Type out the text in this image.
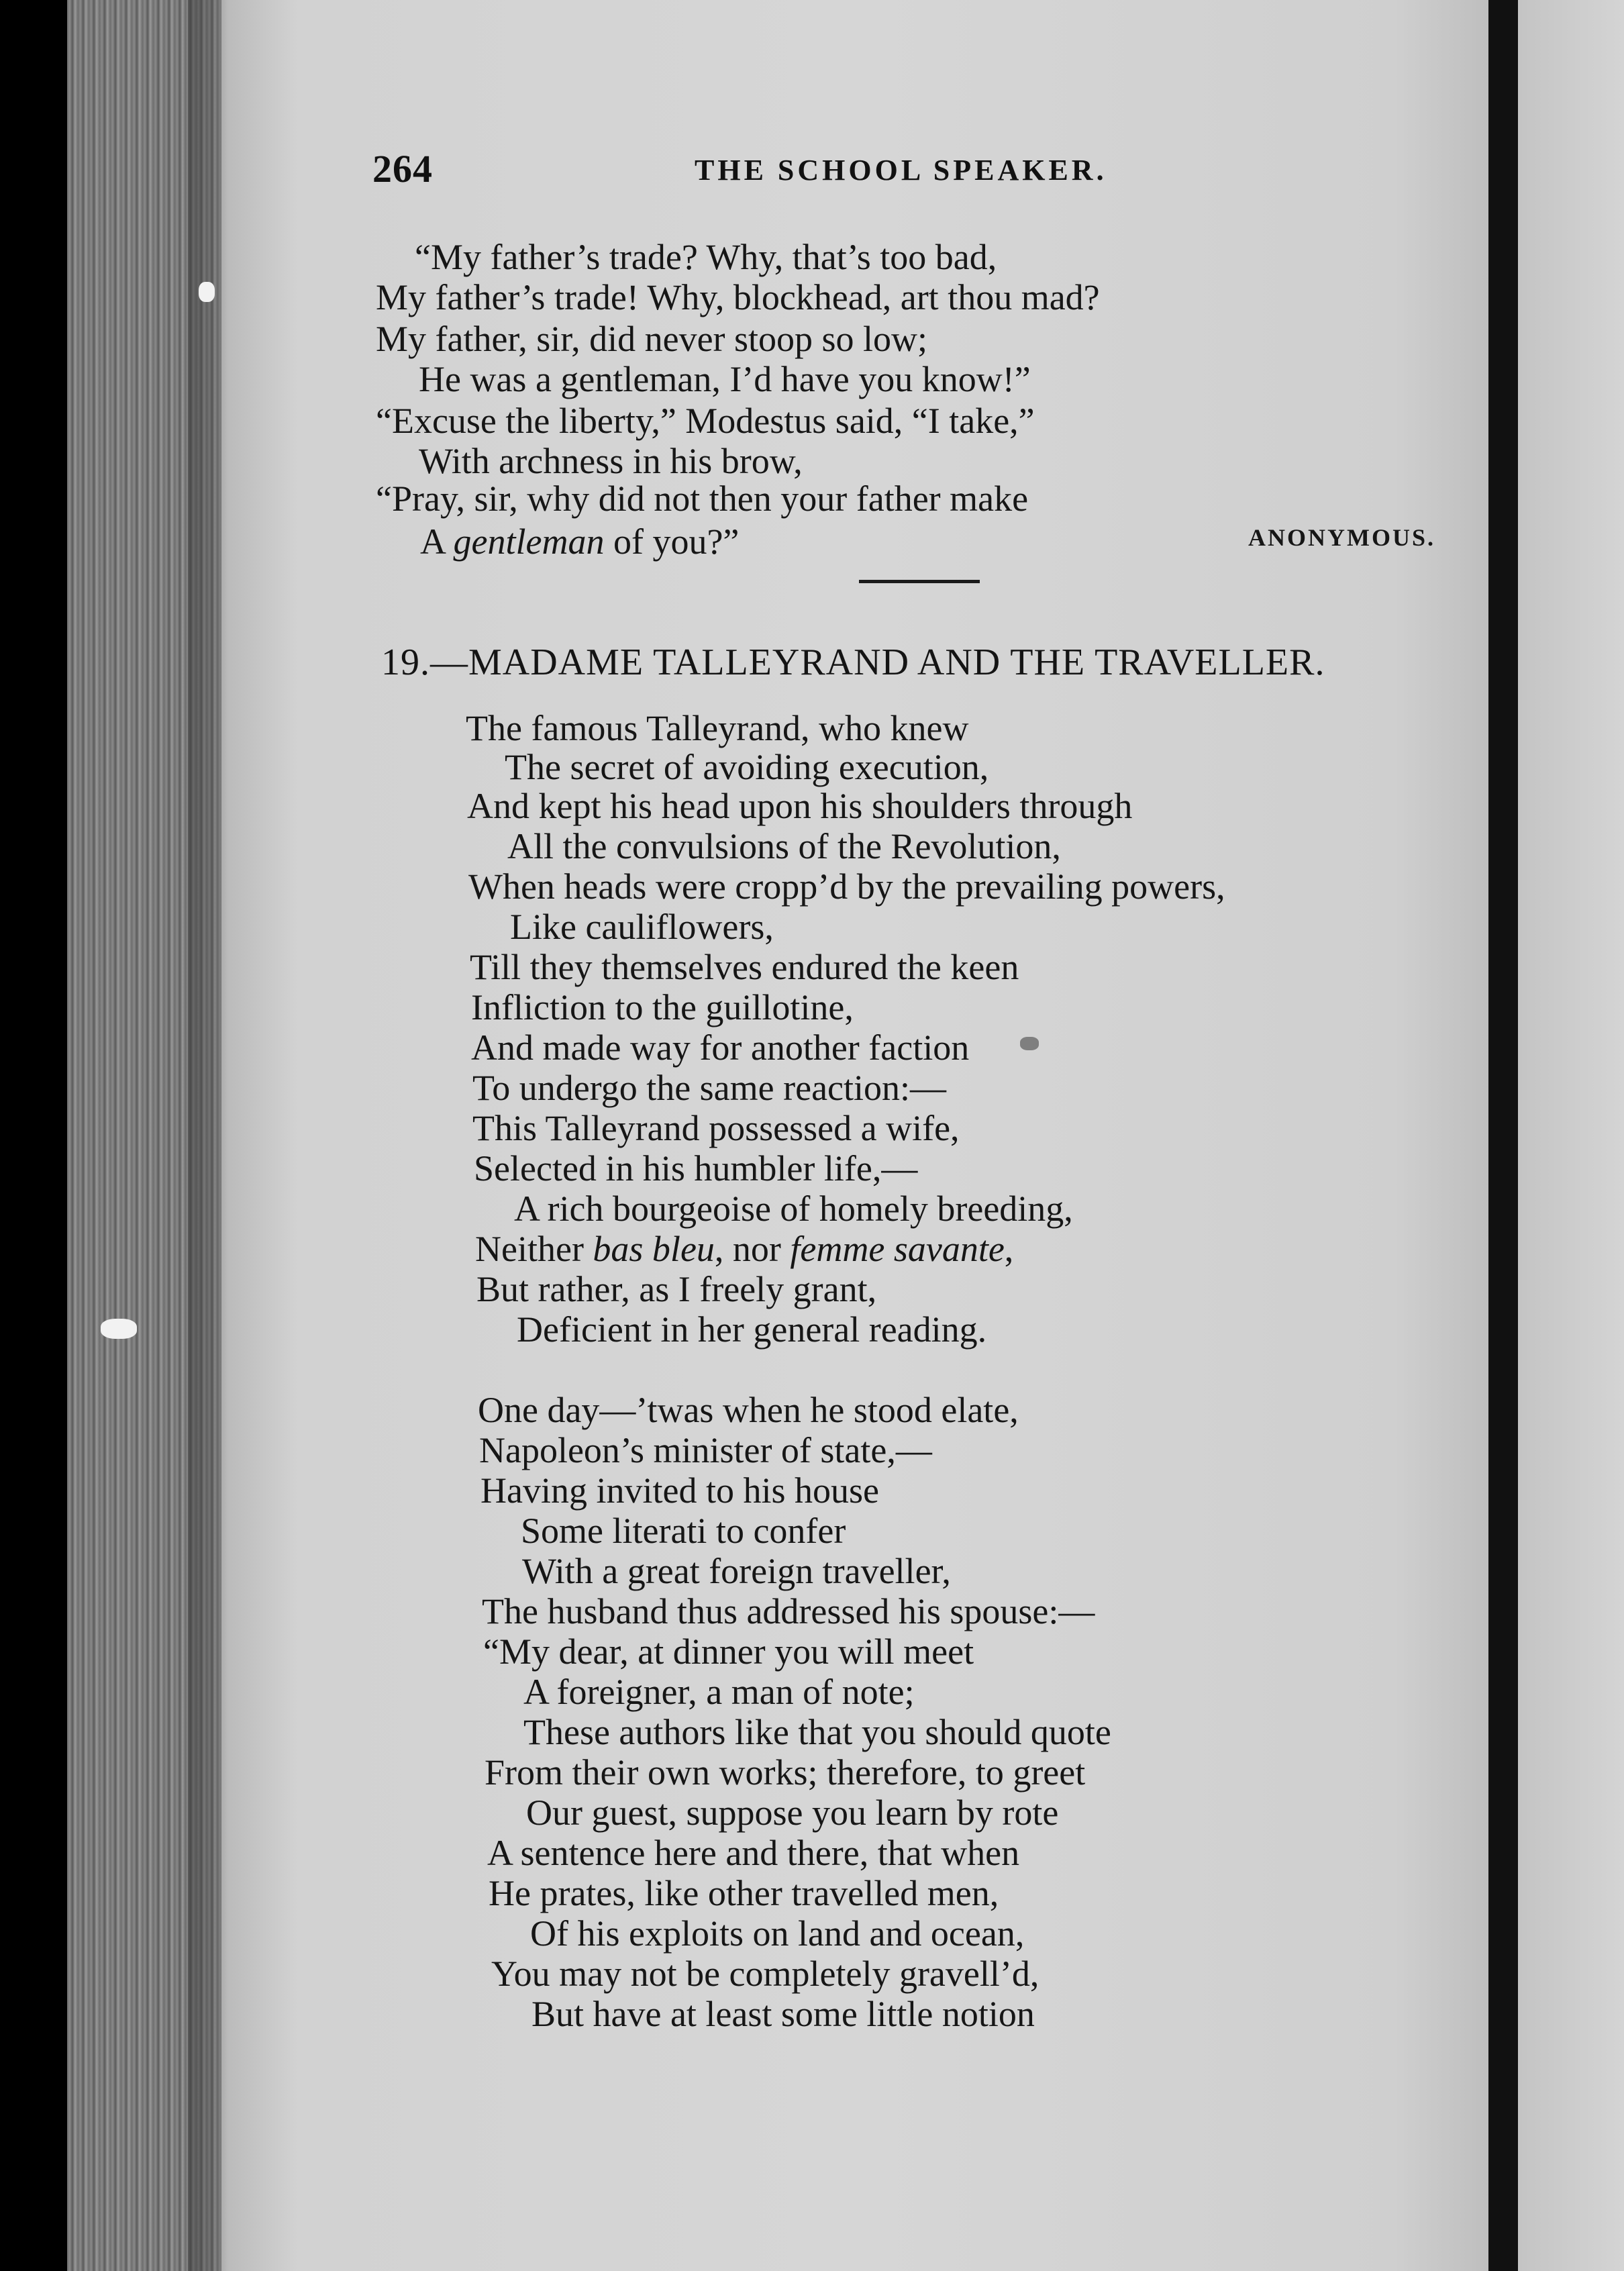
264	THE SCHOOL SPEAKER.
“My father’s trade? Why, that’s too bad,
My father’s trade! Why, blockhead, art thou mad?
My father, sir, did never stoop so low;
He was a gentleman, I’d have you know!”
“Excuse the liberty,” Modestus said, “I take,”
With archness in his brow,
“Pray, sir, why did not then your father make
A gentleman of you?”	ANONYMOUS.
19.—MADAME TALLEYRAND AND THE TRAVELLER.
The famous Talleyrand, who knew
The secret of avoiding execution,
And kept his head upon his shoulders through
All the convulsions of the Revolution,
When heads were cropp’d by the prevailing powers,
Like cauliflowers,
Till they themselves endured the keen
Infliction to the guillotine,
And made way for another faction
To undergo the same reaction:—
This Talleyrand possessed a wife,
Selected in his humbler life,—
A rich bourgeoise of homely breeding,
Neither bas bleu, nor femme savante,
But rather, as I freely grant,
Deficient in her general reading.
One day—’twas when he stood elate,
Napoleon’s minister of state,—
Having invited to his house
Some literati to confer
With a great foreign traveller,
The husband thus addressed his spouse:—
“My dear, at dinner you will meet
A foreigner, a man of note;
These authors like that you should quote
From their own works; therefore, to greet
Our guest, suppose you learn by rote
A sentence here and there, that when
He prates, like other travelled men,
Of his exploits on land and ocean,
You may not be completely gravell’d,
But have at least some little notion
